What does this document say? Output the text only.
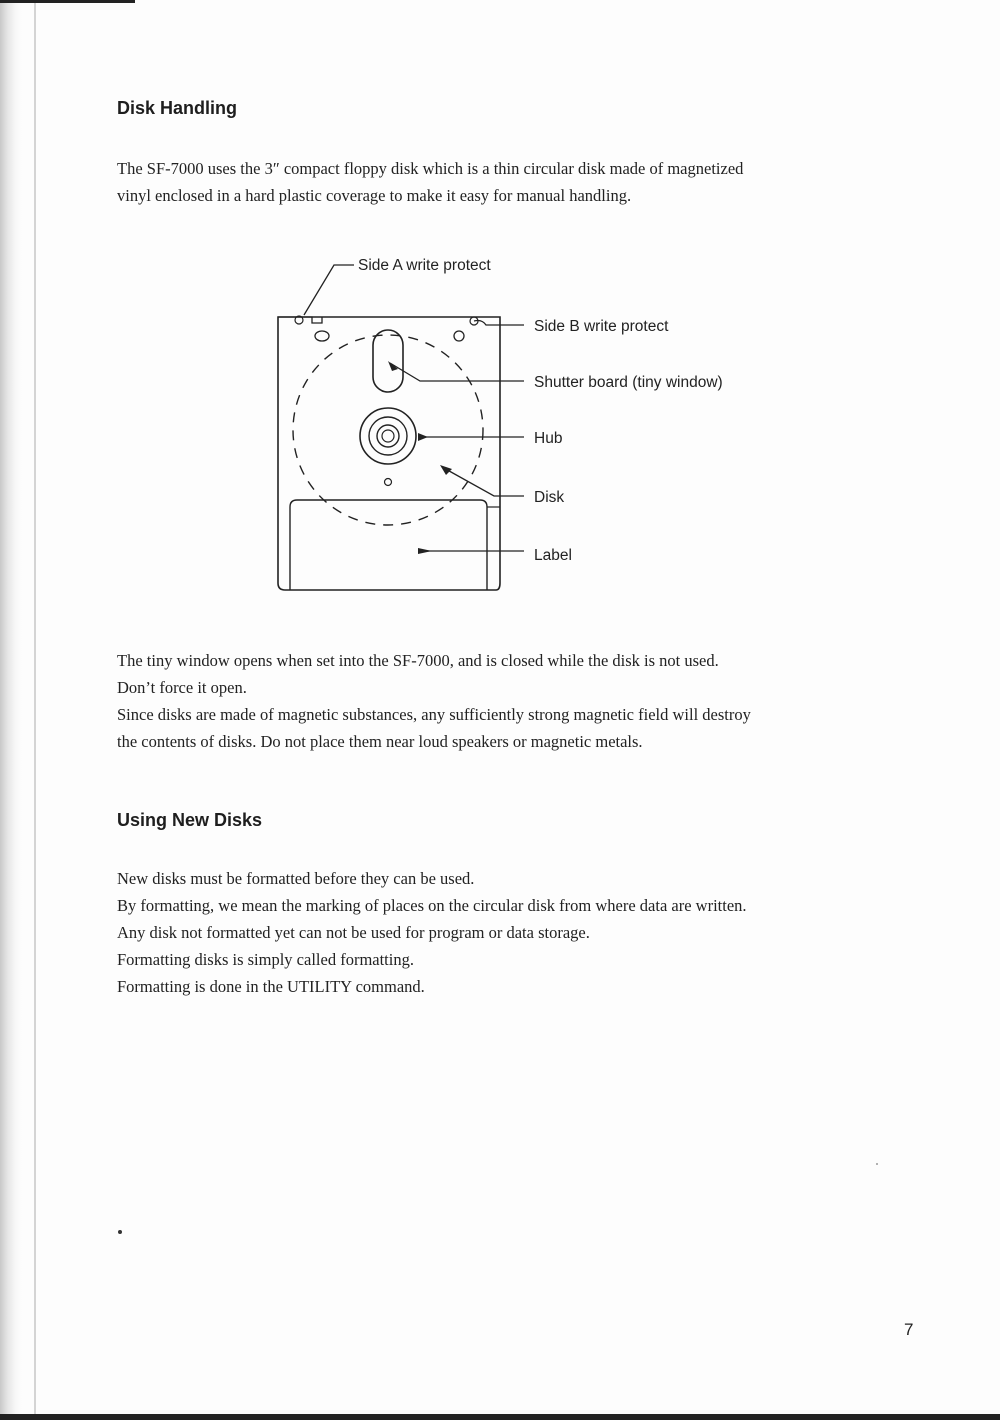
Disk Handling
The SF-7000 uses the 3″ compact floppy disk which is a thin circular disk made of magnetized
vinyl enclosed in a hard plastic coverage to make it easy for manual handling.
Side A write protect
Side B write protect
Shutter board (tiny window)
Hub
Disk
Label
The tiny window opens when set into the SF-7000, and is closed while the disk is not used.
Don’t force it open.
Since disks are made of magnetic substances, any sufficiently strong magnetic field will destroy
the contents of disks. Do not place them near loud speakers or magnetic metals.
Using New Disks
New disks must be formatted before they can be used.
By formatting, we mean the marking of places on the circular disk from where data are written.
Any disk not formatted yet can not be used for program or data storage.
Formatting disks is simply called formatting.
Formatting is done in the UTILITY command.
7
